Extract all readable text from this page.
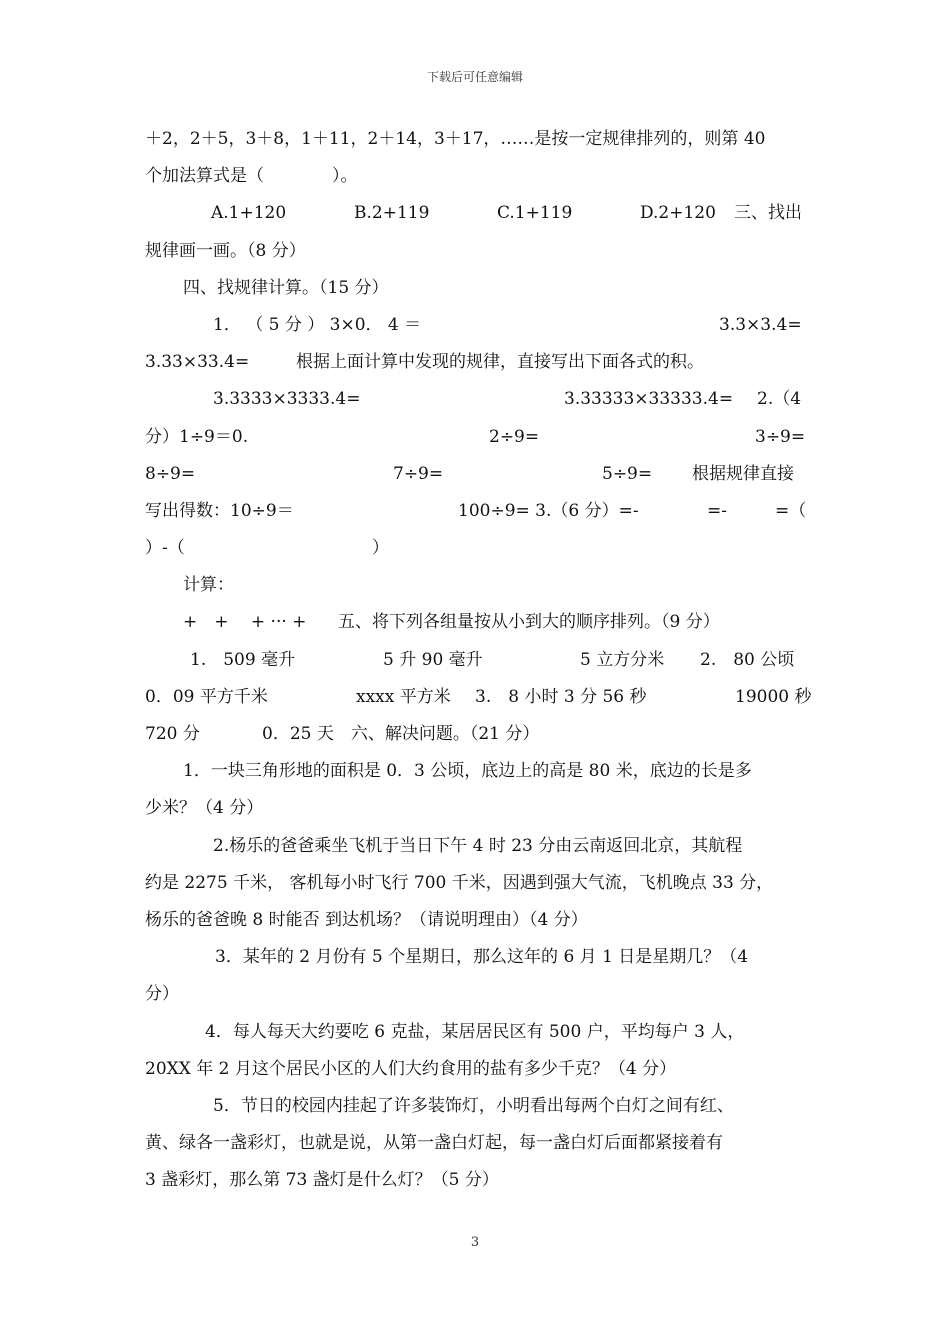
下载后可任意编辑
＋2，2＋5，3＋8，1＋11，2＋14，3＋17，……是按一定规律排列的，则第 40
个加法算式是（　　　　）。
A.1+120	B.2+119	C.1+119	D.2+120 三、找出
规律画一画。（8 分）
四、找规律计算。（15 分）
1． （ 5 分 ） 3×0． 4 ＝	3.3×3.4=
3.33×33.4=	根据上面计算中发现的规律，直接写出下面各式的积。
3.3333×3333.4=	3.33333×33333.4= 2.（4
分）1÷9＝0.	2÷9=	3÷9=
8÷9=	7÷9=	5÷9= 根据规律直接
写出得数：10÷9＝	100÷9= 3.（6 分）=-	=-	=（
）-（	）
计算：
+　+　 + ··· + 五、将下列各组量按从小到大的顺序排列。（9 分）
1.　509 毫升	5 升 90 毫升	5 立方分米 2.　80 公顷
0．09 平方千米	xxxx 平方米 3.　8 小时 3 分 56 秒	19000 秒
720 分	0．25 天　六、解决问题。（21 分）
1．一块三角形地的面积是 0．3 公顷，底边上的高是 80 米，底边的长是多
少米？（4 分）
2.杨乐的爸爸乘坐飞机于当日下午 4 时 23 分由云南返回北京，其航程
约是 2275 千米， 客机每小时飞行 700 千米，因遇到强大气流，飞机晚点 33 分，
杨乐的爸爸晚 8 时能否 到达机场？（请说明理由）（4 分）
3．某年的 2 月份有 5 个星期日，那么这年的 6 月 1 日是星期几？（4
分）
4．每人每天大约要吃 6 克盐，某居居民区有 500 户，平均每户 3 人，
20XX 年 2 月这个居民小区的人们大约食用的盐有多少千克？（4 分）
5．节日的校园内挂起了许多装饰灯，小明看出每两个白灯之间有红、
黄、绿各一盏彩灯，也就是说，从第一盏白灯起，每一盏白灯后面都紧接着有
3 盏彩灯，那么第 73 盏灯是什么灯？（5 分）
3
